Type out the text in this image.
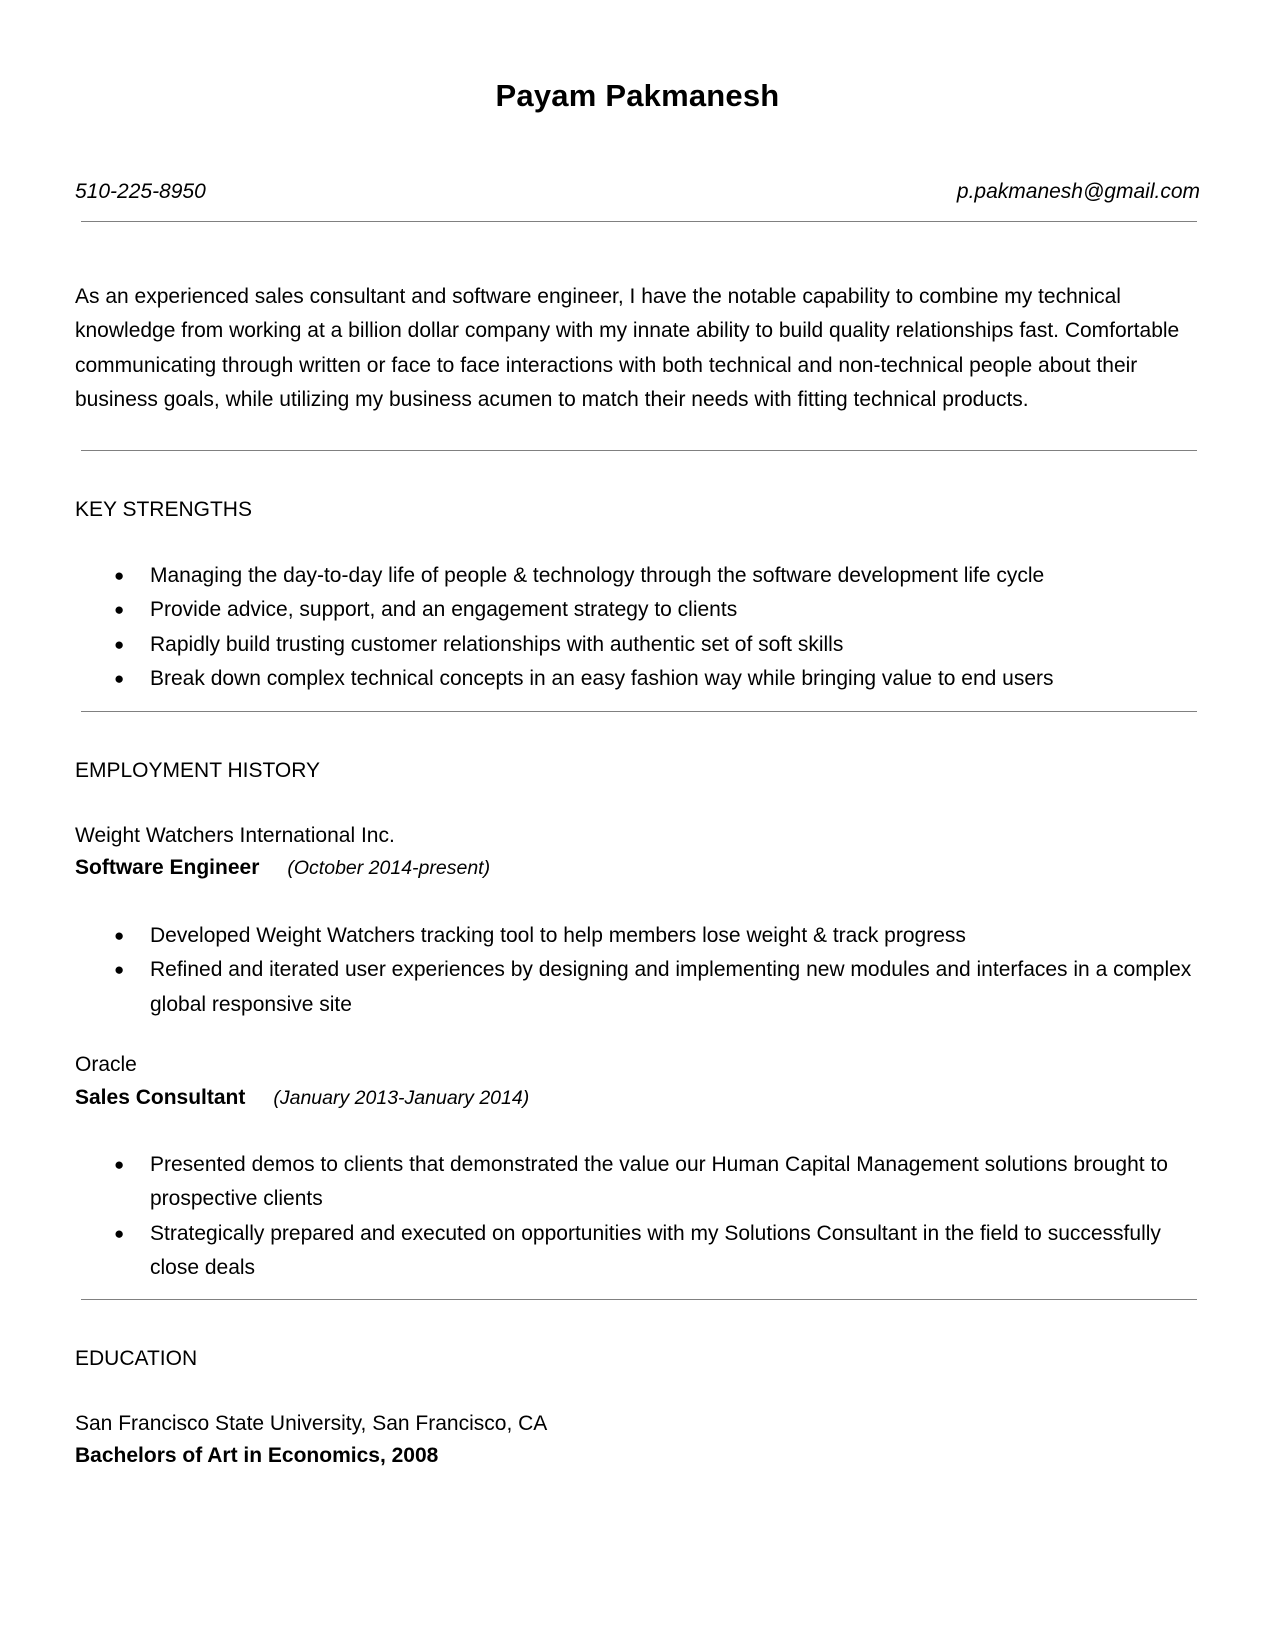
Payam Pakmanesh
510-225-8950	p.pakmanesh@gmail.com

As an experienced sales consultant and software engineer, I have the notable capability to combine my technical knowledge from working at a billion dollar company with my innate ability to build quality relationships fast. Comfortable communicating through written or face to face interactions with both technical and non-technical people about their business goals, while utilizing my business acumen to match their needs with fitting technical products.

KEY STRENGTHS
● Managing the day-to-day life of people & technology through the software development life cycle
● Provide advice, support, and an engagement strategy to clients
● Rapidly build trusting customer relationships with authentic set of soft skills
● Break down complex technical concepts in an easy fashion way while bringing value to end users
EMPLOYMENT HISTORY
Weight Watchers International Inc.
Software Engineer (October 2014-present)
● Developed Weight Watchers tracking tool to help members lose weight & track progress
● Refined and iterated user experiences by designing and implementing new modules and interfaces in a complex global responsive site
Oracle
Sales Consultant (January 2013-January 2014)
● Presented demos to clients that demonstrated the value our Human Capital Management solutions brought to prospective clients
● Strategically prepared and executed on opportunities with my Solutions Consultant in the field to successfully close deals
EDUCATION
San Francisco State University, San Francisco, CA
Bachelors of Art in Economics, 2008
